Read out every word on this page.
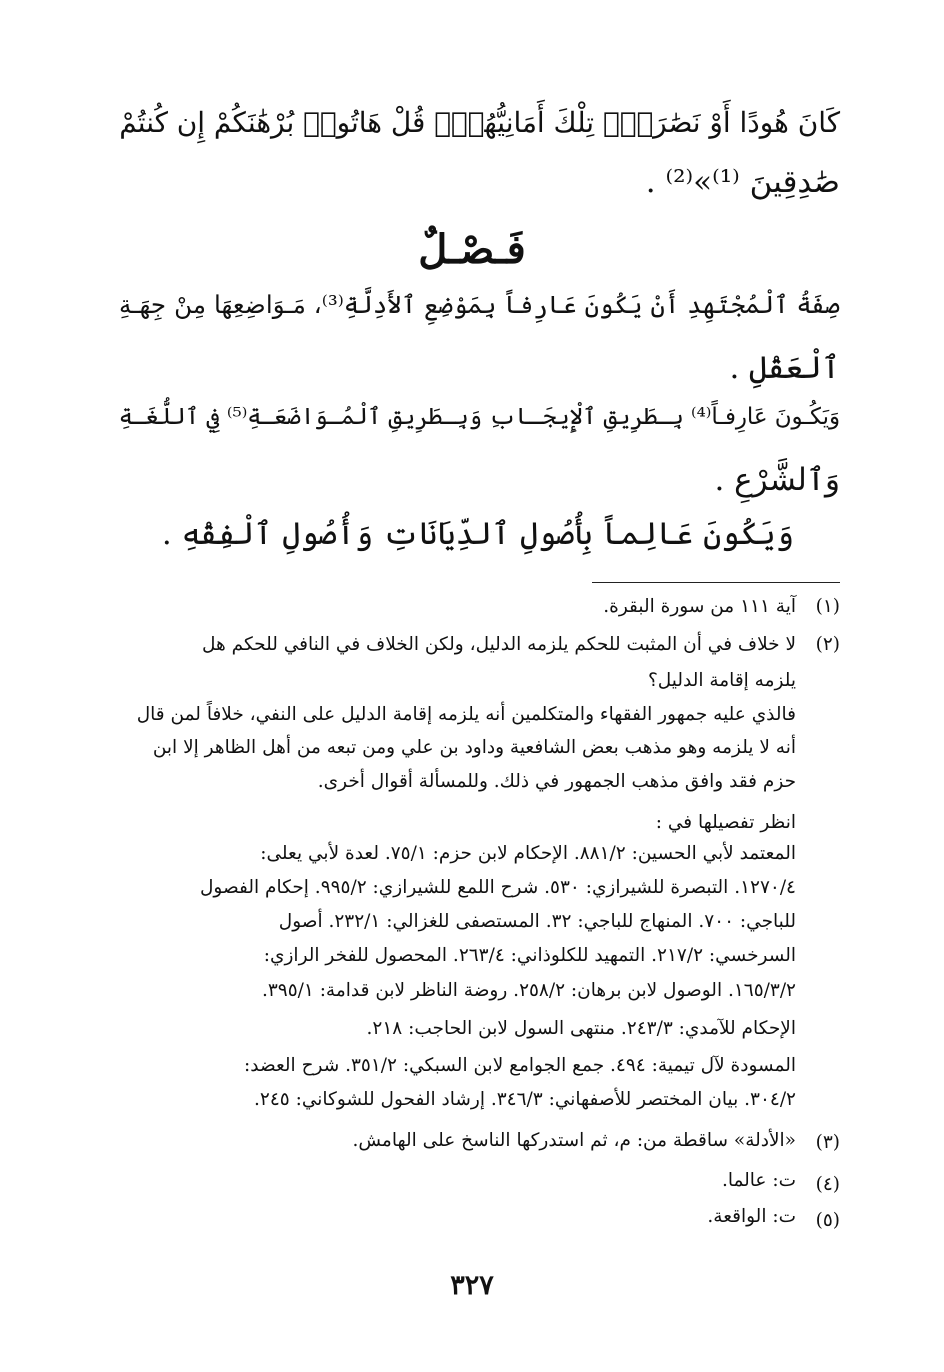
كَانَ هُودًا أَوْ نَصَٰرَىٰۗ تِلْكَ أَمَانِيُّهُمْۗ قُلْ هَاتُوا۟ بُرْهَٰنَكُمْ إِن كُنتُمْ
صَٰدِقِينَ ⁽¹⁾»⁽²⁾ .
فَـصْـلٌ
صِفَةُ ٱلْمُجْتَهِدِ أَنْ يَكُونَ عَارِفاً بِمَوْضِعِ ٱلأَدِلَّةِ⁽³⁾، مَـوَاضِعِهَا مِنْ جِهَـةِ
ٱلْعَقْلِ .
وَيَكُـونَ عَارِفـاً⁽⁴⁾ بِـطَرِيقِ ٱلْإِيجَـابِ وَبِـطَرِيقِ ٱلْمُـوَاضَعَـةِ⁽⁵⁾ فِي ٱللُّغَـةِ
وَٱلشَّرْعِ .
وَيَكُونَ عَالِماً بِأُصُولِ ٱلدِّيَانَاتِ وَأُصُولِ ٱلْفِقْهِ .
(١)
آية ١١١ من سورة البقرة.
(٢)
لا خلاف في أن المثبت للحكم يلزمه الدليل، ولكن الخلاف في النافي للحكم هل
يلزمه إقامة الدليل؟
فالذي عليه جمهور الفقهاء والمتكلمين أنه يلزمه إقامة الدليل على النفي، خلافاً لمن قال
أنه لا يلزمه وهو مذهب بعض الشافعية وداود بن علي ومن تبعه من أهل الظاهر إلا ابن
حزم فقد وافق مذهب الجمهور في ذلك. وللمسألة أقوال أخرى.
انظر تفصيلها في :
المعتمد لأبي الحسين: ٨٨١/٢. الإحكام لابن حزم: ٧٥/١. لعدة لأبي يعلى:
١٢٧٠/٤. التبصرة للشيرازي: ٥٣٠. شرح اللمع للشيرازي: ٩٩٥/٢. إحكام الفصول
للباجي: ٧٠٠. المنهاج للباجي: ٣٢. المستصفى للغزالي: ٢٣٢/١. أصول
السرخسي: ٢١٧/٢. التمهيد للكلوذاني: ٢٦٣/٤. المحصول للفخر الرازي:
١٦٥/٣/٢. الوصول لابن برهان: ٢٥٨/٢. روضة الناظر لابن قدامة: ٣٩٥/١.
الإحكام للآمدي: ٢٤٣/٣. منتهى السول لابن الحاجب: ٢١٨.
المسودة لآل تيمية: ٤٩٤. جمع الجوامع لابن السبكي: ٣٥١/٢. شرح العضد:
٣٠٤/٢. بيان المختصر للأصفهاني: ٣٤٦/٣. إرشاد الفحول للشوكاني: ٢٤٥.
(٣)
«الأدلة» ساقطة من: م، ثم استدركها الناسخ على الهامش.
(٤)
ت: عالما.
(٥)
ت: الواقعة.
٣٢٧
